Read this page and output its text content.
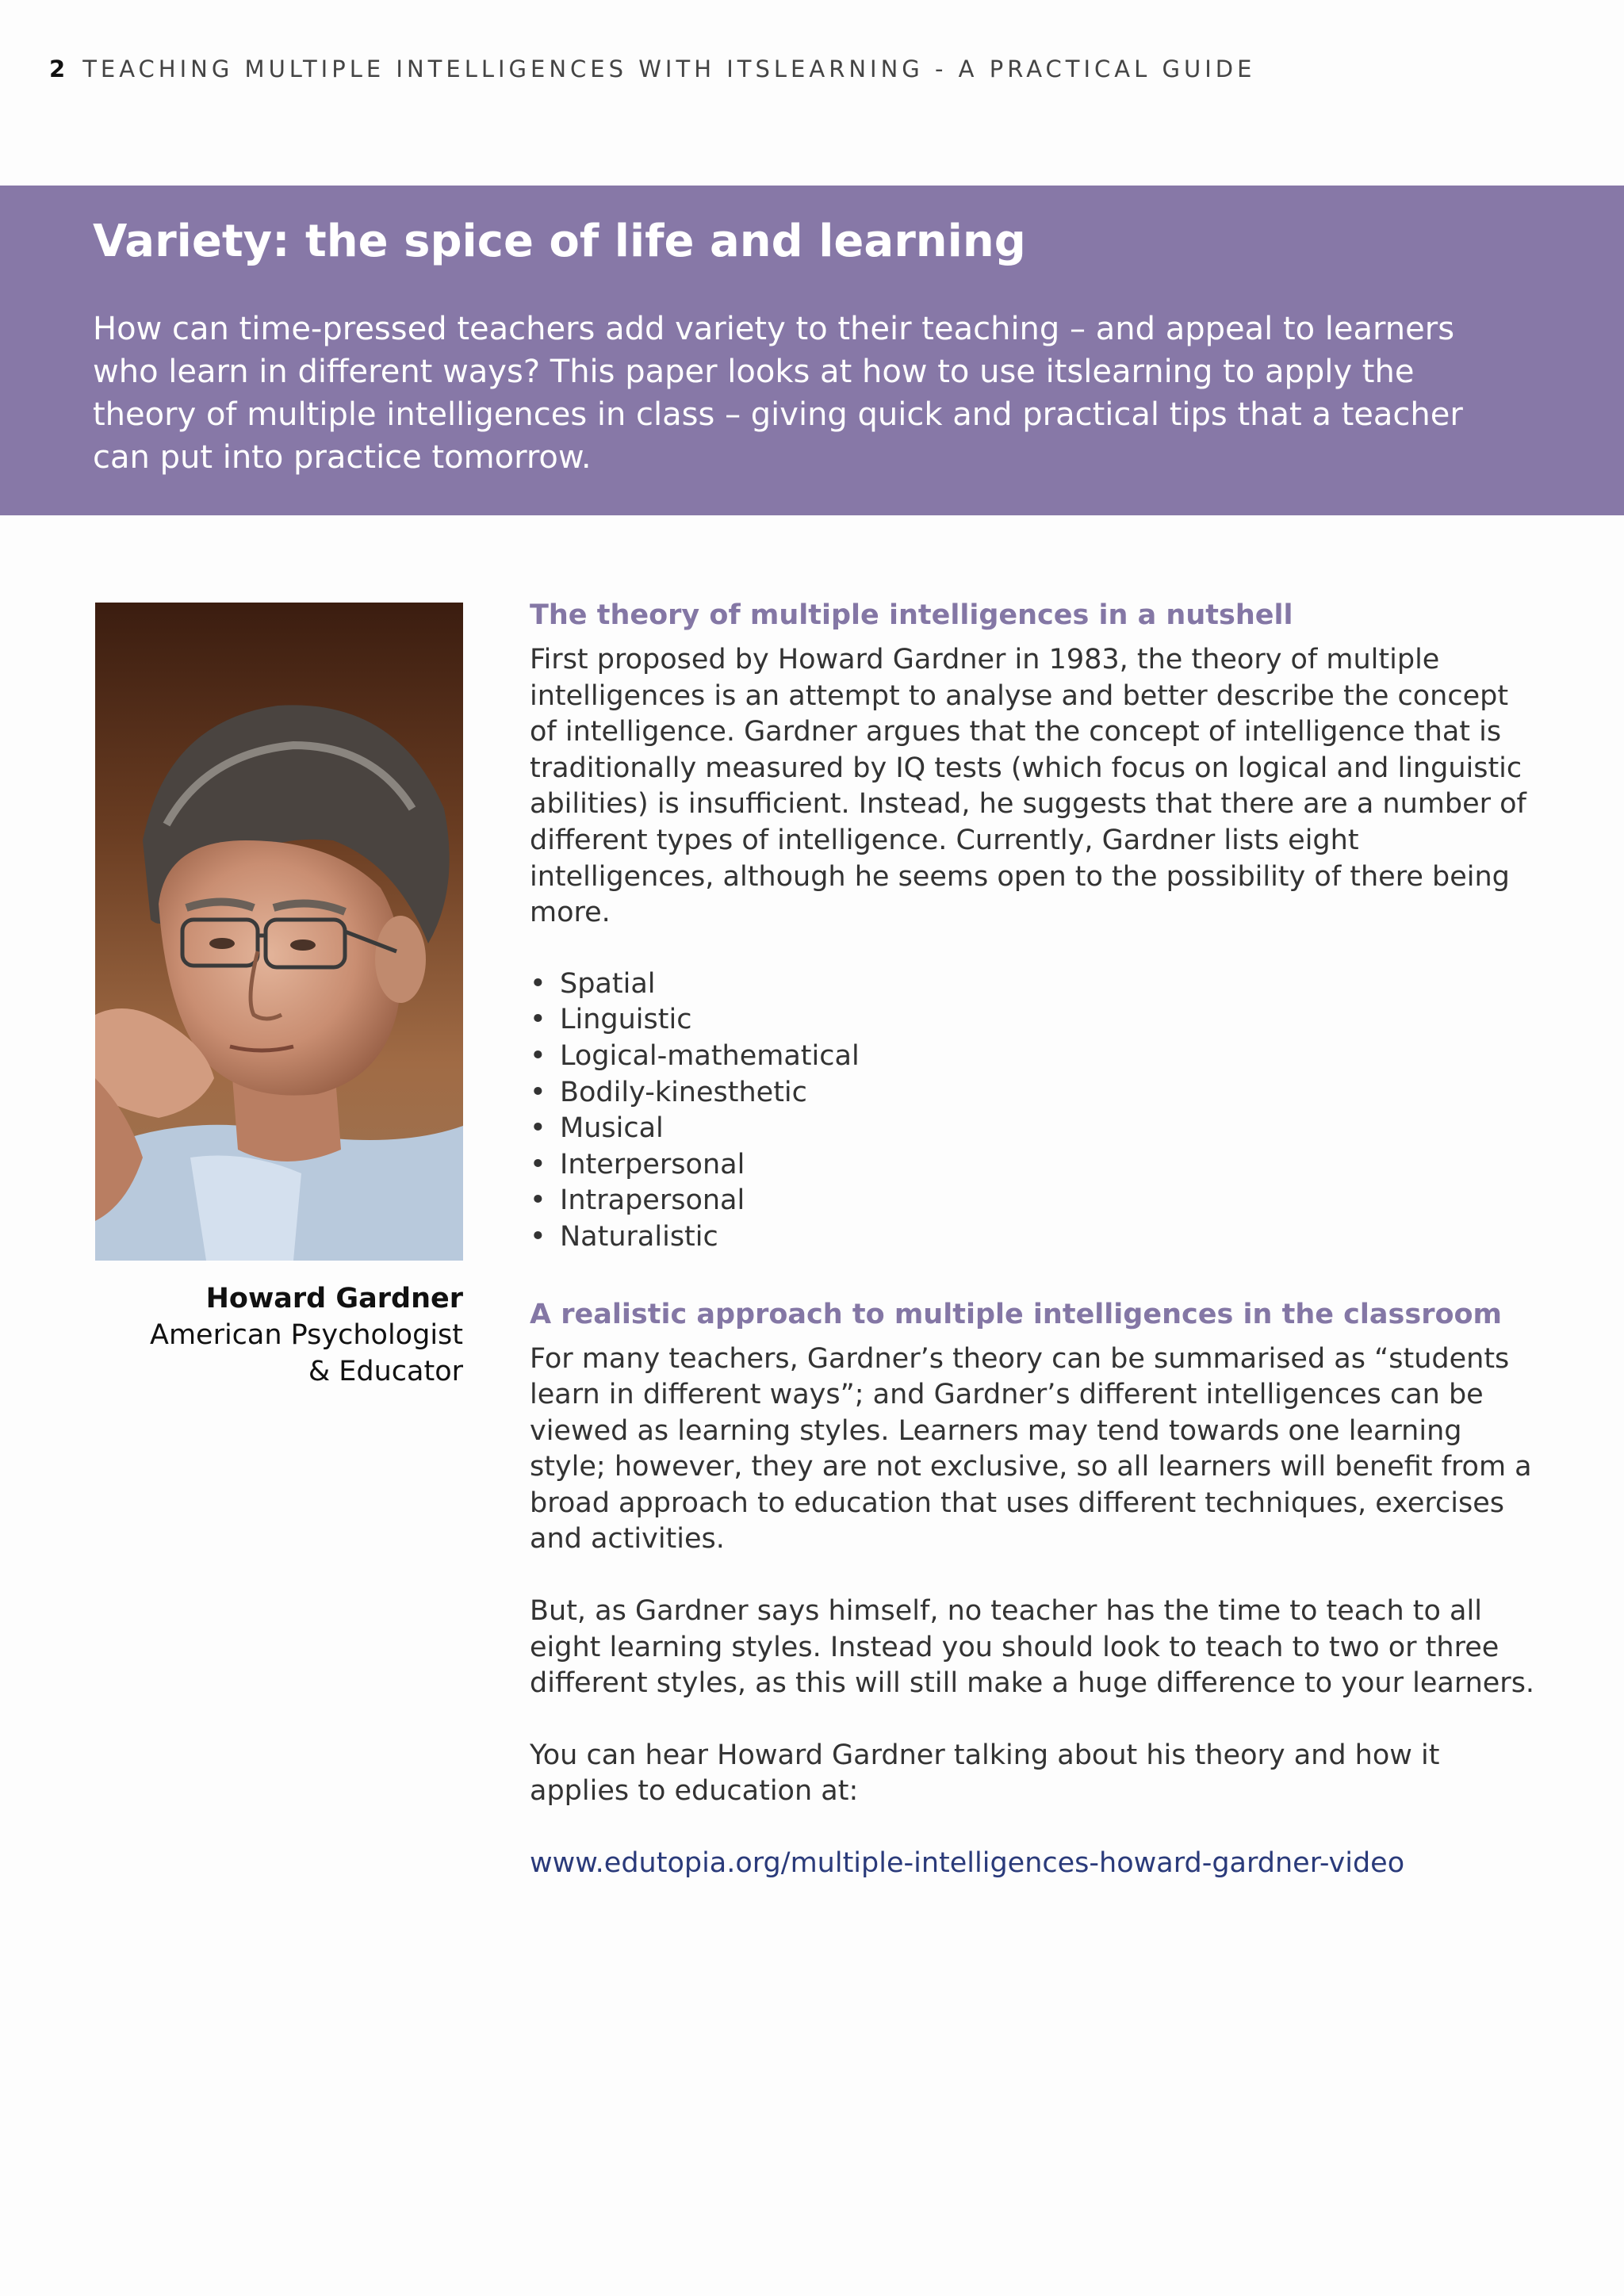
2 TEACHING MULTIPLE INTELLIGENCES WITH ITSLEARNING - A PRACTICAL GUIDE
Variety: the spice of life and learning

How can time-pressed teachers add variety to their teaching – and appeal to learners who learn in different ways? This paper looks at how to use itslearning to apply the theory of multiple intelligences in class – giving quick and practical tips that a teacher can put into practice tomorrow.

Howard Gardner
American Psychologist
& Educator
The theory of multiple intelligences in a nutshell

First proposed by Howard Gardner in 1983, the theory of multiple intelligences is an attempt to analyse and better describe the concept of intelligence. Gardner argues that the concept of intelligence that is traditionally measured by IQ tests (which focus on logical and linguistic abilities) is insufficient. Instead, he suggests that there are a number of different types of intelligence. Currently, Gardner lists eight intelligences, although he seems open to the possibility of there being more.

• Spatial
• Linguistic
• Logical-mathematical
• Bodily-kinesthetic
• Musical
• Interpersonal
• Intrapersonal
• Naturalistic
A realistic approach to multiple intelligences in the classroom

For many teachers, Gardner’s theory can be summarised as “students learn in different ways”; and Gardner’s different intelligences can be viewed as learning styles. Learners may tend towards one learning style; however, they are not exclusive, so all learners will benefit from a broad approach to education that uses different techniques, exercises and activities.

But, as Gardner says himself, no teacher has the time to teach to all eight learning styles. Instead you should look to teach to two or three different styles, as this will still make a huge difference to your learners.

You can hear Howard Gardner talking about his theory and how it applies to education at:

www.edutopia.org/multiple-intelligences-howard-gardner-video
